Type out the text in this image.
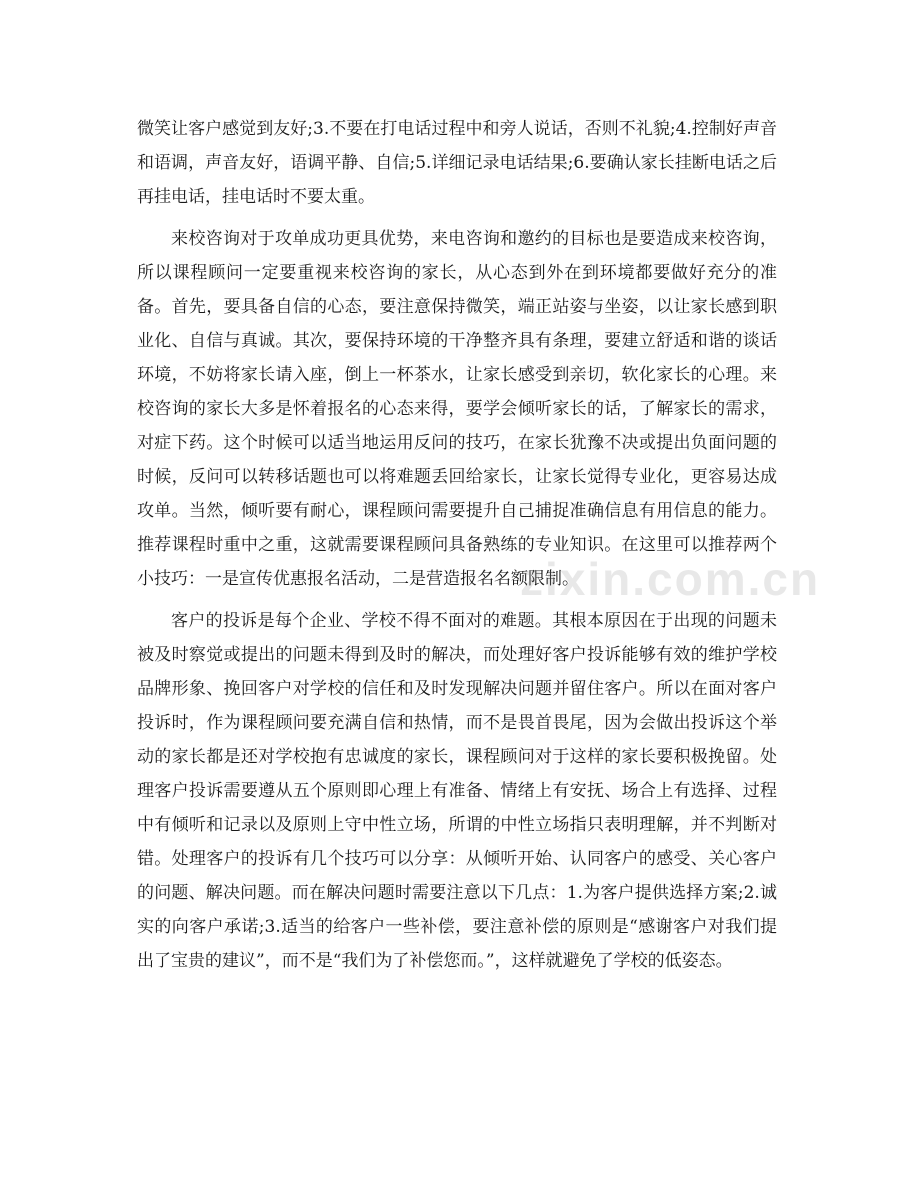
微笑让客户感觉到友好;3.不要在打电话过程中和旁人说话，否则不礼貌;4.控制好声音和语调，声音友好，语调平静、自信;5.详细记录电话结果;6.要确认家长挂断电话之后再挂电话，挂电话时不要太重。

来校咨询对于攻单成功更具优势，来电咨询和邀约的目标也是要造成来校咨询，所以课程顾问一定要重视来校咨询的家长，从心态到外在到环境都要做好充分的准备。首先，要具备自信的心态，要注意保持微笑，端正站姿与坐姿，以让家长感到职业化、自信与真诚。其次，要保持环境的干净整齐具有条理，要建立舒适和谐的谈话环境，不妨将家长请入座，倒上一杯茶水，让家长感受到亲切，软化家长的心理。来校咨询的家长大多是怀着报名的心态来得，要学会倾听家长的话，了解家长的需求，对症下药。这个时候可以适当地运用反问的技巧，在家长犹豫不决或提出负面问题的时候，反问可以转移话题也可以将难题丢回给家长，让家长觉得专业化，更容易达成攻单。当然，倾听要有耐心，课程顾问需要提升自己捕捉准确信息有用信息的能力。推荐课程时重中之重，这就需要课程顾问具备熟练的专业知识。在这里可以推荐两个小技巧：一是宣传优惠报名活动，二是营造报名名额限制。

客户的投诉是每个企业、学校不得不面对的难题。其根本原因在于出现的问题未被及时察觉或提出的问题未得到及时的解决，而处理好客户投诉能够有效的维护学校品牌形象、挽回客户对学校的信任和及时发现解决问题并留住客户。所以在面对客户投诉时，作为课程顾问要充满自信和热情，而不是畏首畏尾，因为会做出投诉这个举动的家长都是还对学校抱有忠诚度的家长，课程顾问对于这样的家长要积极挽留。处理客户投诉需要遵从五个原则即心理上有准备、情绪上有安抚、场合上有选择、过程中有倾听和记录以及原则上守中性立场，所谓的中性立场指只表明理解，并不判断对错。处理客户的投诉有几个技巧可以分享：从倾听开始、认同客户的感受、关心客户的问题、解决问题。而在解决问题时需要注意以下几点：1.为客户提供选择方案;2.诚实的向客户承诺;3.适当的给客户一些补偿，要注意补偿的原则是“感谢客户对我们提出了宝贵的建议”，而不是“我们为了补偿您而。”，这样就避免了学校的低姿态。

zixin.com.cn
